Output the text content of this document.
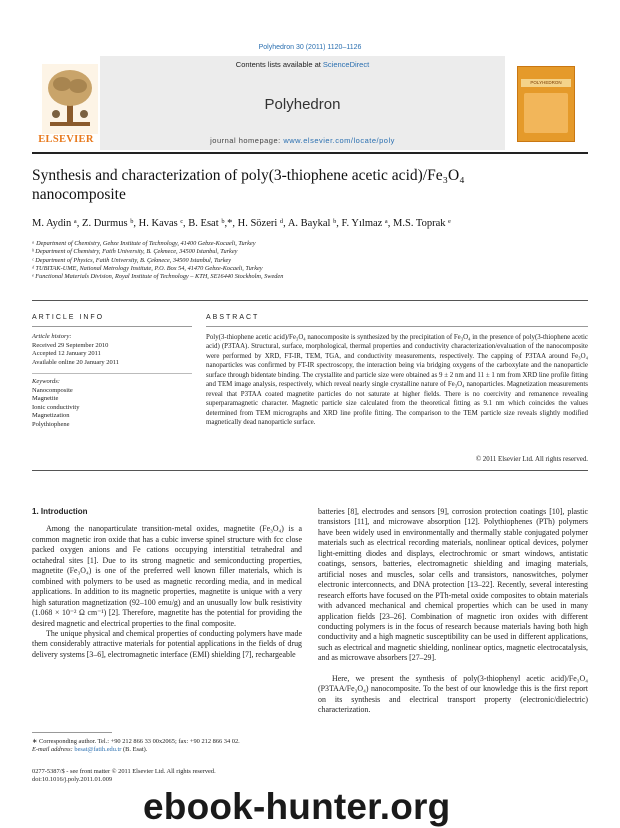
Polyhedron 30 (2011) 1120–1126
Contents lists available at ScienceDirect
Polyhedron
journal homepage: www.elsevier.com/locate/poly
ELSEVIER
POLYHEDRON
Synthesis and characterization of poly(3-thiophene acetic acid)/Fe₃O₄
nanocomposite
M. Aydin ᵃ, Z. Durmus ᵇ, H. Kavas ᶜ, B. Esat ᵇ,*, H. Sözeri ᵈ, A. Baykal ᵇ, F. Yılmaz ᵃ, M.S. Toprak ᵉ
ᵃ Department of Chemistry, Gebze Institute of Technology, 41400 Gebze-Kocaeli, Turkey
ᵇ Department of Chemistry, Fatih University, B. Çekmece, 34500 Istanbul, Turkey
ᶜ Department of Physics, Fatih University, B. Çekmece, 34500 Istanbul, Turkey
ᵈ TUBITAK-UME, National Metrology Institute, P.O. Box 54, 41470 Gebze-Kocaeli, Turkey
ᵉ Functional Materials Division, Royal Institute of Technology – KTH, SE16440 Stockholm, Sweden
ARTICLE INFO
Article history:
Received 29 September 2010
Accepted 12 January 2011
Available online 20 January 2011
Keywords:
Nanocomposite
Magnetite
Ionic conductivity
Magnetization
Polythiophene
ABSTRACT
Poly(3-thiophene acetic acid)/Fe₃O₄ nanocomposite is synthesized by the precipitation of Fe₃O₄ in the presence of poly(3-thiophene acetic acid) (P3TAA). Structural, surface, morphological, thermal properties and conductivity characterization/evaluation of the nanocomposite were performed by XRD, FT-IR, TEM, TGA, and conductivity measurements, respectively. The capping of P3TAA around Fe₃O₄ nanoparticles was confirmed by FT-IR spectroscopy, the interaction being via bridging oxygens of the carboxylate and the nanoparticle surface through bidentate binding. The crystallite and particle size were obtained as 9 ± 2 nm and 11 ± 1 nm from XRD line profile fitting and TEM image analysis, respectively, which reveal nearly single crystalline nature of Fe₃O₄ nanoparticles. Magnetization measurements reveal that P3TAA coated magnetite particles do not saturate at higher fields. There is no coercivity and remanence revealing superparamagnetic character. Magnetic particle size calculated from the theoretical fitting as 9.1 nm which coincides the values determined from TEM micrographs and XRD line profile fitting. The comparison to the TEM particle size reveals slightly modified magnetically dead nanoparticle surface.
© 2011 Elsevier Ltd. All rights reserved.
1. Introduction

Among the nanoparticulate transition-metal oxides, magnetite (Fe₃O₄) is a common magnetic iron oxide that has a cubic inverse spinel structure with fcc close packed oxygen anions and Fe cations occupying interstitial tetrahedral and octahedral sites [1]. Due to its strong magnetic and semiconducting properties, magnetite (Fe₃O₄) is one of the preferred well known filler materials, which is combined with polymers to be used as magnetic recording media, and in medical applications. In addition to its magnetic properties, magnetite is unique with a very high saturation magnetization (92–100 emu/g) and an unusually low bulk resistivity (1.068 × 10⁻² Ω cm⁻¹) [2]. Therefore, magnetite has the potential for providing the desired magnetic and electrical properties to the final composite.

The unique physical and chemical properties of conducting polymers have made them considerably attractive materials for potential applications in the fields of drug delivery systems [3–6], electromagnetic interface (EMI) shielding [7], rechargeable

batteries [8], electrodes and sensors [9], corrosion protection coatings [10], plastic transistors [11], and microwave absorption [12]. Polythiophenes (PTh) polymers have been widely used in environmentally and thermally stable conjugated polymer materials such as electrical recording materials, nonlinear optical devices, polymer light-emitting diodes and displays, electrochromic or smart windows, antistatic coatings, sensors, batteries, electromagnetic shielding and imaging materials, artificial noses and muscles, solar cells and transistors, nanoswitches, polymer electronic interconnects, and DNA protection [13–22]. Recently, several interesting research efforts have focused on the PTh-metal oxide composites to obtain materials with advanced mechanical and chemical properties which can be used in many application fields [23–26]. Combination of magnetic iron oxides with different conducting polymers is in the focus of research because materials having both high conductivity and a high magnetic susceptibility can be used in different applications, such as electrical and magnetic shielding, nonlinear optics, magnetic electrocatalysis, and as microwave absorbers [27–29].

Here, we present the synthesis of poly(3-thiophenyl acetic acid)/Fe₃O₄ (P3TAA/Fe₃O₄) nanocomposite. To the best of our knowledge this is the first report on its synthesis and electrical transport property (electronic/dielectric) characterization.

∗ Corresponding author. Tel.: +90 212 866 33 00x2065; fax: +90 212 866 34 02.
E-mail address: besat@fatih.edu.tr (B. Esat).
0277-5387/$ - see front matter © 2011 Elsevier Ltd. All rights reserved.
doi:10.1016/j.poly.2011.01.009
ebook-hunter.org
